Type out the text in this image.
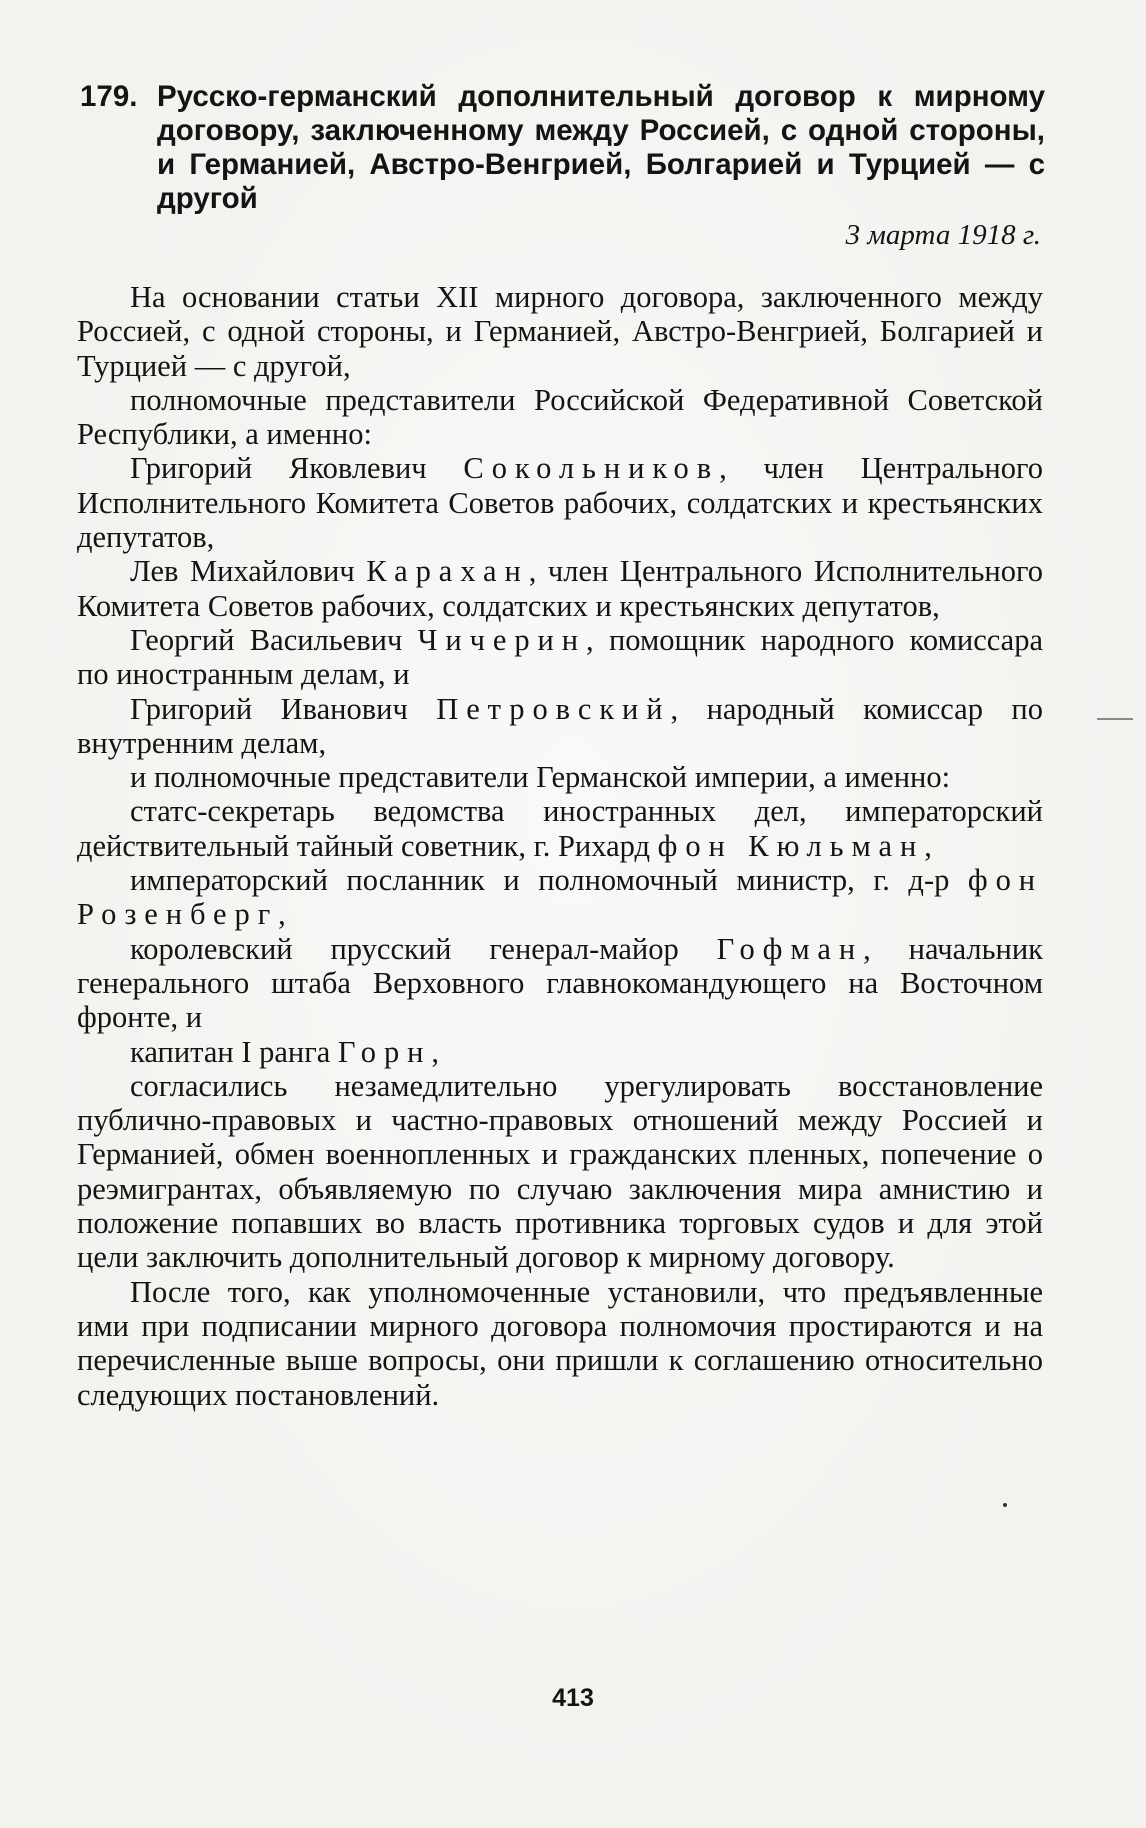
179. Русско-германский дополнительный договор к мирному договору, заключенному между Россией, с одной стороны, и Германией, Австро-Венгрией, Болгарией и Турцией — с другой
3 марта 1918 г.

На основании статьи XII мирного договора, заключенного между Россией, с одной стороны, и Германией, Австро-Венгрией, Болгарией и Турцией — с другой,

полномочные представители Российской Федеративной Советской Республики, а именно:

Григорий Яковлевич Сокольников, член Центрального Исполнительного Комитета Советов рабочих, солдатских и крестьянских депутатов,

Лев Михайлович Карахан, член Центрального Исполнительного Комитета Советов рабочих, солдатских и крестьянских депутатов,

Георгий Васильевич Чичерин, помощник народного комиссара по иностранным делам, и

Григорий Иванович Петровский, народный комиссар по внутренним делам,

и полномочные представители Германской империи, а именно:

статс-секретарь ведомства иностранных дел, императорский действительный тайный советник, г. Рихард фон Кюльман,

императорский посланник и полномочный министр, г. д-р фон Розенберг,

королевский прусский генерал-майор Гофман, начальник генерального штаба Верховного главнокомандующего на Восточном фронте, и

капитан I ранга Горн,

согласились незамедлительно урегулировать восстановление публично-правовых и частно-правовых отношений между Россией и Германией, обмен военнопленных и гражданских пленных, попечение о реэмигрантах, объявляемую по случаю заключения мира амнистию и положение попавших во власть противника торговых судов и для этой цели заключить дополнительный договор к мирному договору.

После того, как уполномоченные установили, что предъявленные ими при подписании мирного договора полномочия простираются и на перечисленные выше вопросы, они пришли к соглашению относительно следующих постановлений.

413
